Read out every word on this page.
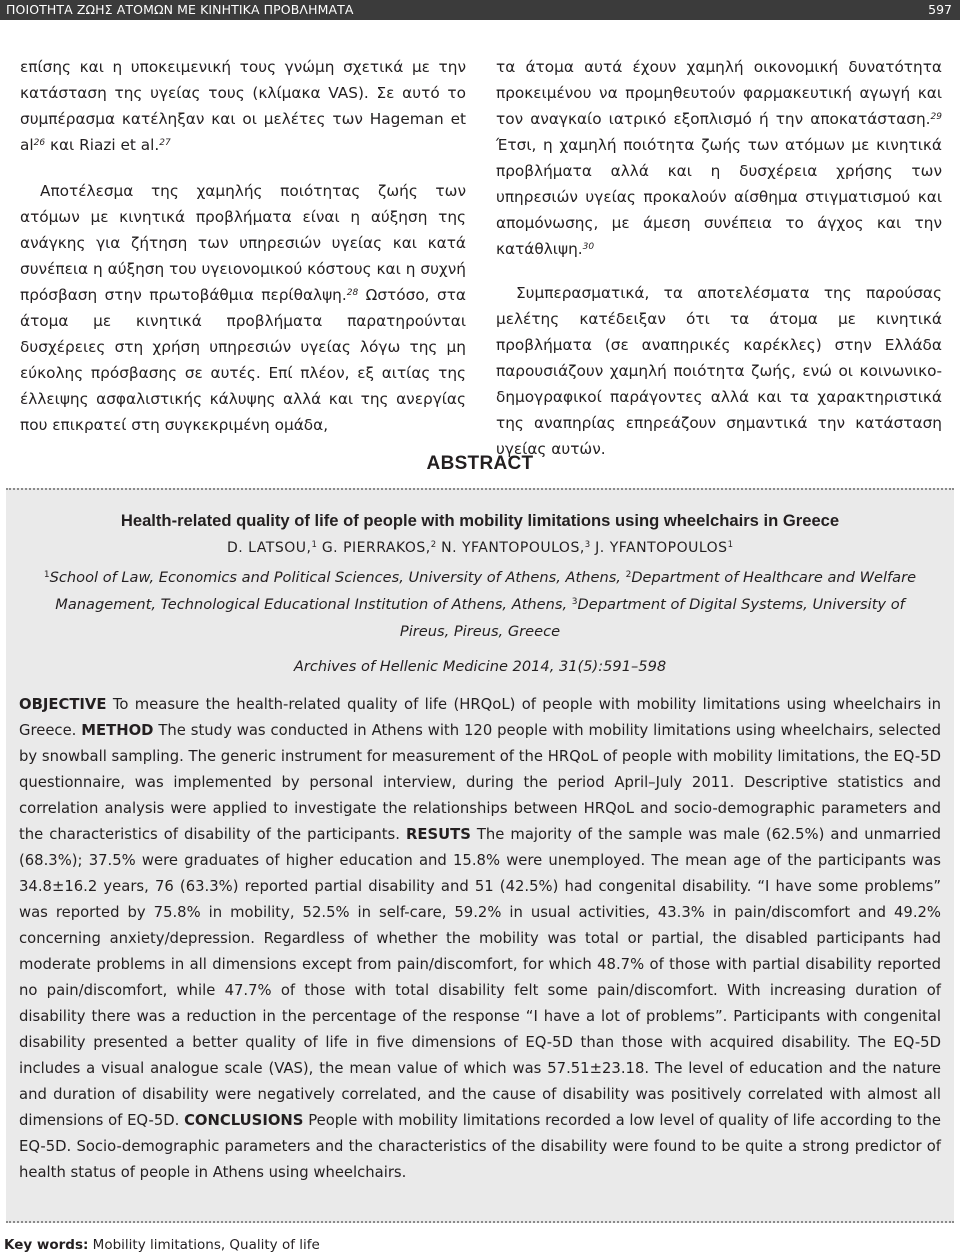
ΠΟΙΟΤΗΤΑ ΖΩΗΣ ΑΤΟΜΩΝ ΜΕ ΚΙΝΗΤΙΚΑ ΠΡΟΒΛΗΜΑΤΑ	597

επίσης και η υποκειμενική τους γνώμη σχετικά με την κατάσταση της υγείας τους (κλίμακα VAS). Σε αυτό το συμπέρασμα κατέληξαν και οι μελέτες των Hageman et $al^{26}$ και Riazi et al.$^{27}$

Αποτέλεσμα της χαμηλής ποιότητας ζωής των ατόμων με κινητικά προβλήματα είναι η αύξηση της ανάγκης για ζήτηση των υπηρεσιών υγείας και κατά συνέπεια η αύξηση του υγειονομικού κόστους και η συχνή πρόσβαση στην πρωτοβάθμια περίθαλψη.$^{28}$ Ωστόσο, στα άτομα με κινητικά προβλήματα παρατηρούνται δυσχέρειες στη χρήση υπηρεσιών υγείας λόγω της μη εύκολης πρόσβασης σε αυτές. Επί πλέον, εξ αιτίας της έλλειψης ασφαλιστικής κάλυψης αλλά και της ανεργίας που επικρατεί στη συγκεκριμένη ομάδα,

τα άτομα αυτά έχουν χαμηλή οικονομική δυνατότητα προκειμένου να προμηθευτούν φαρμακευτική αγωγή και τον αναγκαίο ιατρικό εξοπλισμό ή την αποκατάσταση.$^{29}$ Έτσι, η χαμηλή ποιότητα ζωής των ατόμων με κινητικά προβλήματα αλλά και η δυσχέρεια χρήσης των υπηρεσιών υγείας προκαλούν αίσθημα στιγματισμού και απομόνωσης, με άμεση συνέπεια το άγχος και την κατάθλιψη.$^{30}$

Συμπερασματικά, τα αποτελέσματα της παρούσας μελέτης κατέδειξαν ότι τα άτομα με κινητικά προβλήματα (σε αναπηρικές καρέκλες) στην Ελλάδα παρουσιάζουν χαμηλή ποιότητα ζωής, ενώ οι κοινωνικο-δημογραφικοί παράγοντες αλλά και τα χαρακτηριστικά της αναπηρίας επηρεάζουν σημαντικά την κατάσταση υγείας αυτών.

ABSTRACT
Health-related quality of life of people with mobility limitations using wheelchairs in Greece
D. LATSOU,$^1$ G. PIERRAKOS,$^2$ N. YFANTOPOULOS,$^3$ J. YFANTOPOULOS$^1$
$^1$School of Law, Economics and Political Sciences, University of Athens, Athens, $^2$Department of Healthcare and Welfare Management, Technological Educational Institution of Athens, Athens, $^3$Department of Digital Systems, University of Pireus, Pireus, Greece
Archives of Hellenic Medicine 2014, 31(5):591–598
OBJECTIVE To measure the health-related quality of life (HRQoL) of people with mobility limitations using wheelchairs in Greece. METHOD The study was conducted in Athens with 120 people with mobility limitations using wheelchairs, selected by snowball sampling. The generic instrument for measurement of the HRQoL of people with mobility limitations, the EQ-5D questionnaire, was implemented by personal interview, during the period April–July 2011. Descriptive statistics and correlation analysis were applied to investigate the relationships between HRQoL and socio-demographic parameters and the characteristics of disability of the participants. RESUTS The majority of the sample was male (62.5%) and unmarried (68.3%); 37.5% were graduates of higher education and 15.8% were unemployed. The mean age of the participants was 34.8±16.2 years, 76 (63.3%) reported partial disability and 51 (42.5%) had congenital disability. “I have some problems” was reported by 75.8% in mobility, 52.5% in self-care, 59.2% in usual activities, 43.3% in pain/discomfort and 49.2% concerning anxiety/depression. Regardless of whether the mobility was total or partial, the disabled participants had moderate problems in all dimensions except from pain/discomfort, for which 48.7% of those with partial disability reported no pain/discomfort, while 47.7% of those with total disability felt some pain/discomfort. With increasing duration of disability there was a reduction in the percentage of the response “I have a lot of problems”. Participants with congenital disability presented a better quality of life in five dimensions of EQ-5D than those with acquired disability. The EQ-5D includes a visual analogue scale (VAS), the mean value of which was 57.51±23.18. The level of education and the nature and duration of disability were negatively correlated, and the cause of disability was positively correlated with almost all dimensions of EQ-5D. CONCLUSIONS People with mobility limitations recorded a low level of quality of life according to the EQ-5D. Socio-demographic parameters and the characteristics of the disability were found to be quite a strong predictor of health status of people in Athens using wheelchairs.
Key words: Mobility limitations, Quality of life
